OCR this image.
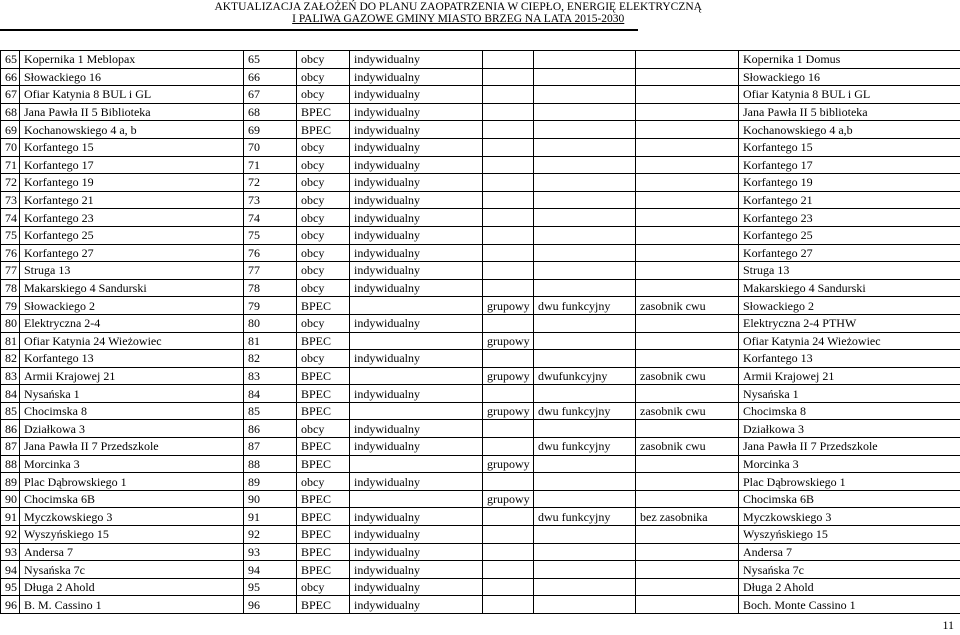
AKTUALIZACJA ZAŁOŻEŃ DO PLANU ZAOPATRZENIA W CIEPŁO, ENERGIĘ ELEKTRYCZNĄ
I PALIWA GAZOWE GMINY MIASTO BRZEG NA LATA 2015-2030
65	Kopernika 1 Meblopax	65	obcy	indywidualny				Kopernika 1 Domus
66	Słowackiego 16	66	obcy	indywidualny				Słowackiego 16
67	Ofiar Katynia 8 BUL i GL	67	obcy	indywidualny				Ofiar Katynia 8 BUL i GL
68	Jana Pawła II 5 Biblioteka	68	BPEC	indywidualny				Jana Pawła II 5 biblioteka
69	Kochanowskiego 4 a, b	69	BPEC	indywidualny				Kochanowskiego 4 a,b
70	Korfantego 15	70	obcy	indywidualny				Korfantego 15
71	Korfantego 17	71	obcy	indywidualny				Korfantego 17
72	Korfantego 19	72	obcy	indywidualny				Korfantego 19
73	Korfantego 21	73	obcy	indywidualny				Korfantego 21
74	Korfantego 23	74	obcy	indywidualny				Korfantego 23
75	Korfantego 25	75	obcy	indywidualny				Korfantego 25
76	Korfantego 27	76	obcy	indywidualny				Korfantego 27
77	Struga 13	77	obcy	indywidualny				Struga 13
78	Makarskiego 4 Sandurski	78	obcy	indywidualny				Makarskiego 4 Sandurski
79	Słowackiego 2	79	BPEC		grupowy	dwu funkcyjny	zasobnik cwu	Słowackiego 2
80	Elektryczna 2-4	80	obcy	indywidualny				Elektryczna 2-4 PTHW
81	Ofiar Katynia 24 Wieżowiec	81	BPEC		grupowy			Ofiar Katynia 24 Wieżowiec
82	Korfantego 13	82	obcy	indywidualny				Korfantego 13
83	Armii Krajowej 21	83	BPEC		grupowy	dwufunkcyjny	zasobnik cwu	Armii Krajowej 21
84	Nysańska 1	84	BPEC	indywidualny				Nysańska 1
85	Chocimska 8	85	BPEC		grupowy	dwu funkcyjny	zasobnik cwu	Chocimska 8
86	Działkowa 3	86	obcy	indywidualny				Działkowa 3
87	Jana Pawła II 7 Przedszkole	87	BPEC	indywidualny		dwu funkcyjny	zasobnik cwu	Jana Pawła II 7 Przedszkole
88	Morcinka 3	88	BPEC		grupowy			Morcinka 3
89	Plac Dąbrowskiego 1	89	obcy	indywidualny				Plac Dąbrowskiego 1
90	Chocimska 6B	90	BPEC		grupowy			Chocimska 6B
91	Myczkowskiego 3	91	BPEC	indywidualny		dwu funkcyjny	bez zasobnika	Myczkowskiego 3
92	Wyszyńskiego 15	92	BPEC	indywidualny				Wyszyńskiego 15
93	Andersa 7	93	BPEC	indywidualny				Andersa 7
94	Nysańska 7c	94	BPEC	indywidualny				Nysańska 7c
95	Długa 2 Ahold	95	obcy	indywidualny				Długa 2 Ahold
96	B. M. Cassino 1	96	BPEC	indywidualny				Boch. Monte Cassino 1
11
